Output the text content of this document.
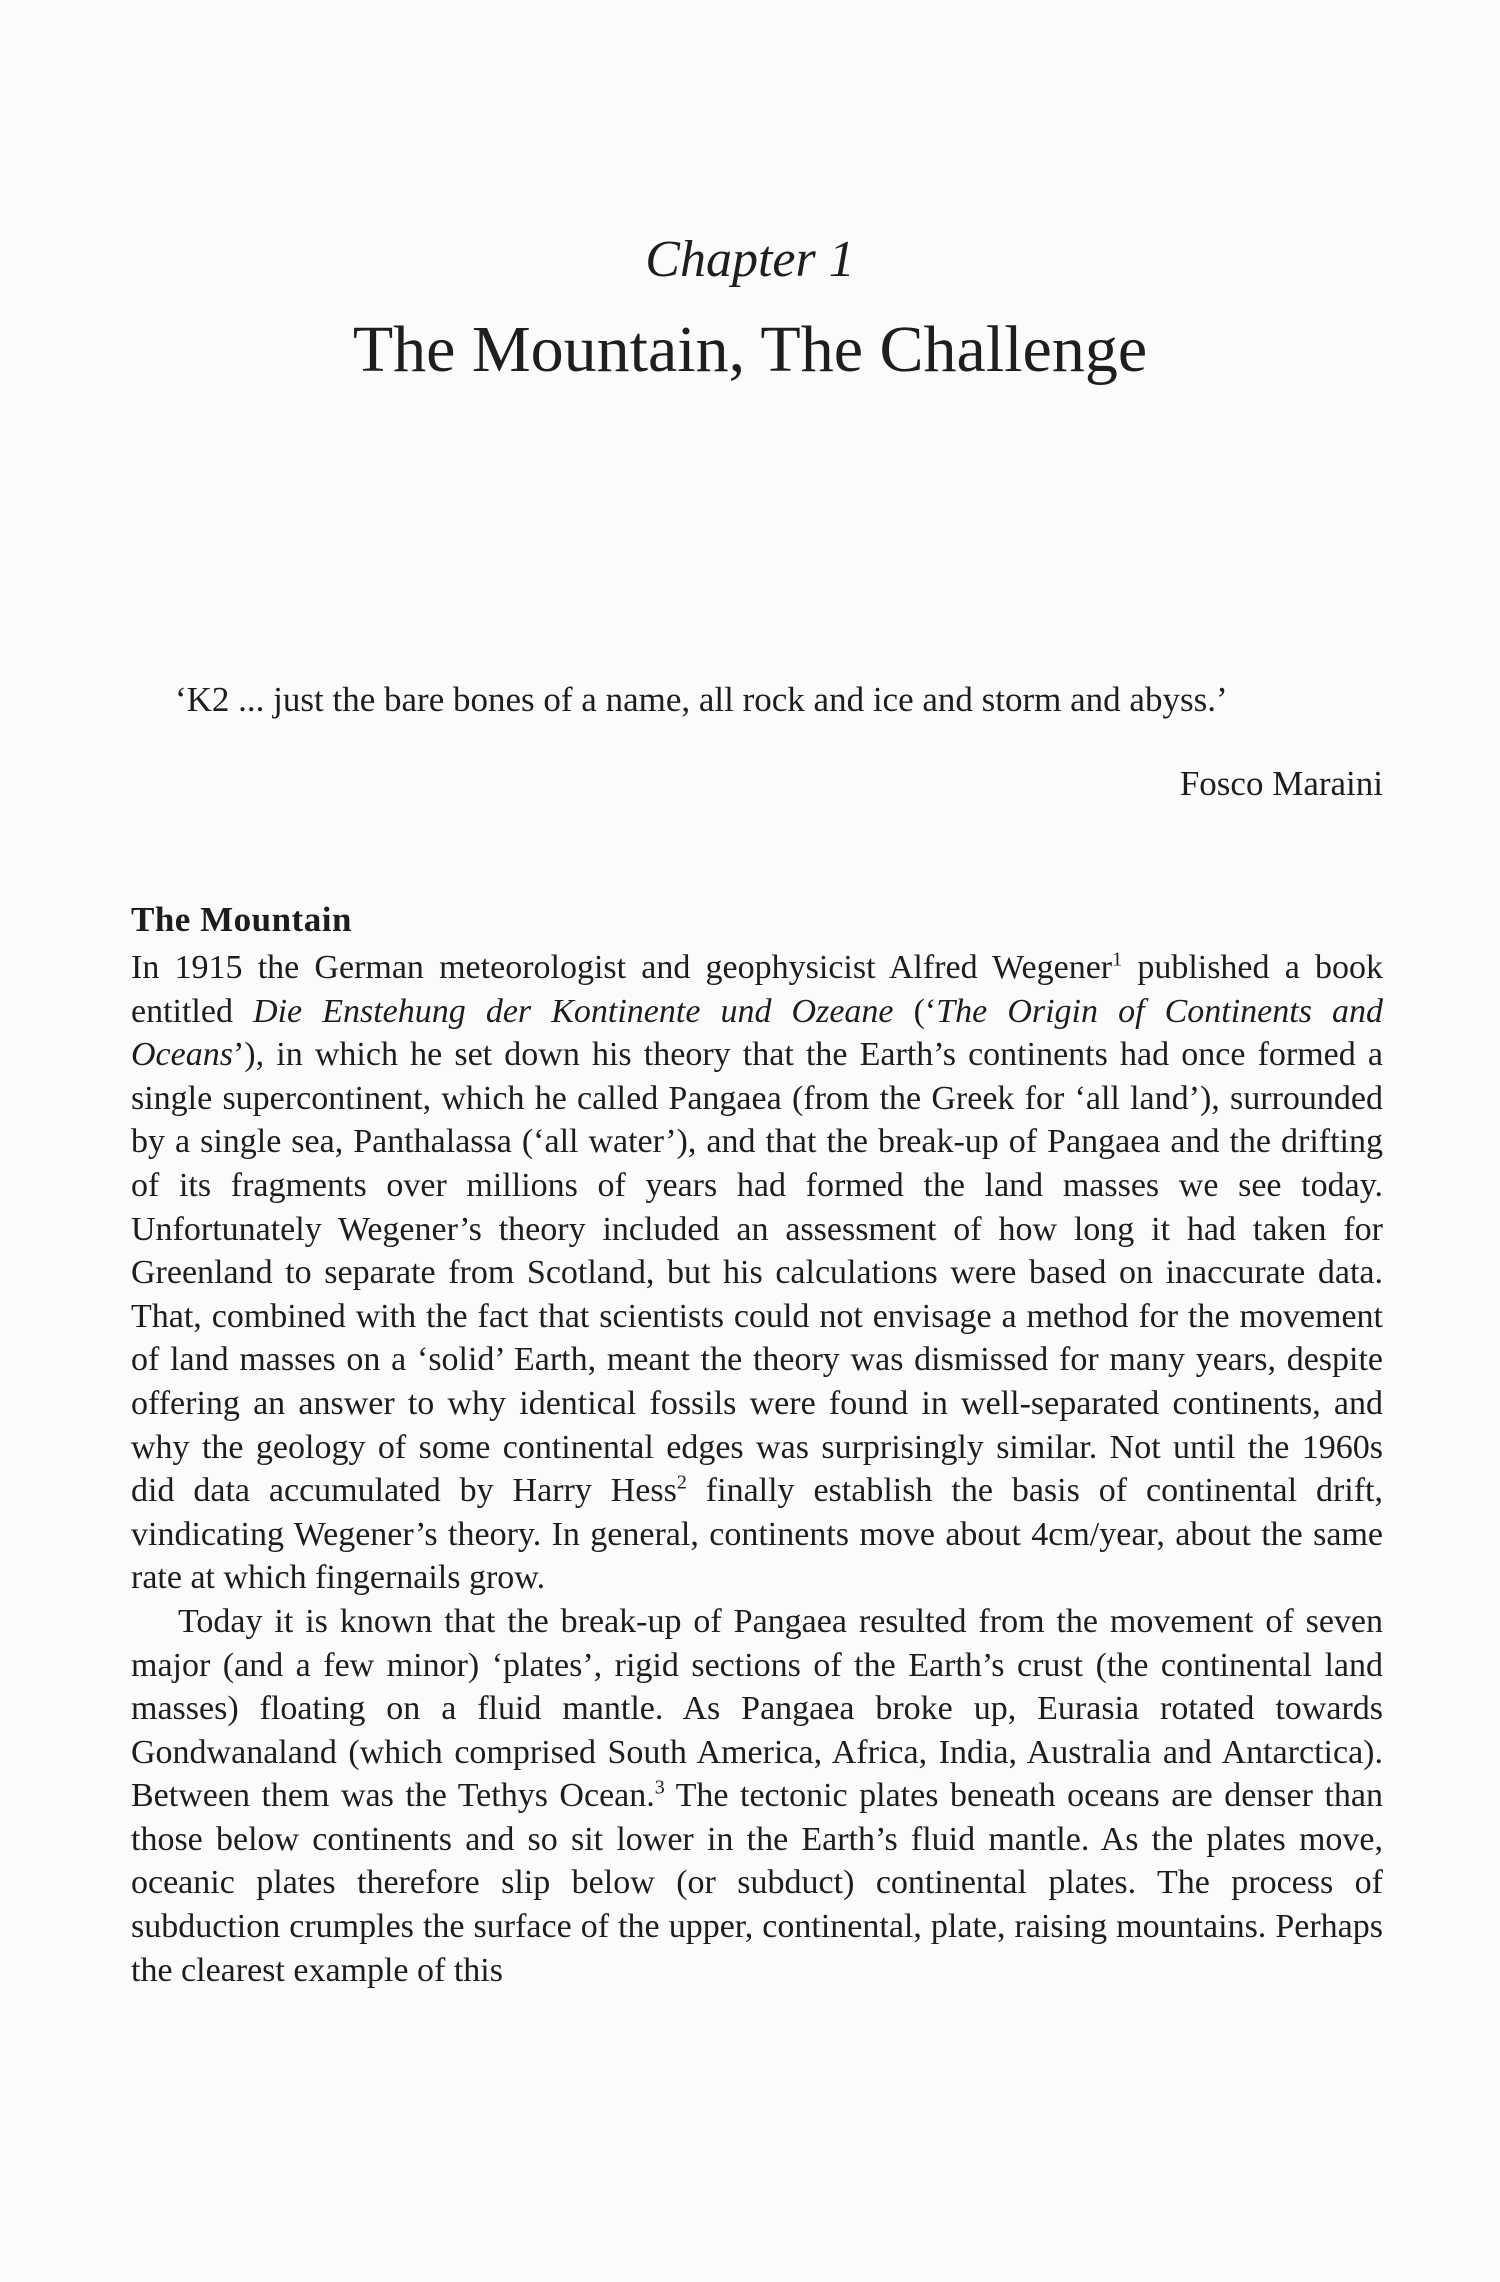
Chapter 1
The Mountain, The Challenge
‘K2 ... just the bare bones of a name, all rock and ice and storm and abyss.’
Fosco Maraini
The Mountain

In 1915 the German meteorologist and geophysicist Alfred Wegener$^1$ published a book entitled Die Enstehung der Kontinente und Ozeane (‘The Origin of Continents and Oceans’), in which he set down his theory that the Earth’s continents had once formed a single supercontinent, which he called Pangaea (from the Greek for ‘all land’), surrounded by a single sea, Panthalassa (‘all water’), and that the break-up of Pangaea and the drifting of its fragments over millions of years had formed the land masses we see today. Unfortunately Wegener’s theory included an assessment of how long it had taken for Greenland to separate from Scotland, but his calculations were based on inaccurate data. That, combined with the fact that scientists could not envisage a method for the movement of land masses on a ‘solid’ Earth, meant the theory was dismissed for many years, despite offering an answer to why identical fossils were found in well-separated continents, and why the geology of some continental edges was surprisingly similar. Not until the 1960s did data accumulated by Harry Hess$^2$ finally establish the basis of continental drift, vindicating Wegener’s theory. In general, continents move about 4cm/year, about the same rate at which fingernails grow.

Today it is known that the break-up of Pangaea resulted from the movement of seven major (and a few minor) ‘plates’, rigid sections of the Earth’s crust (the continental land masses) floating on a fluid mantle. As Pangaea broke up, Eurasia rotated towards Gondwanaland (which comprised South America, Africa, India, Australia and Antarctica). Between them was the Tethys Ocean.$^3$ The tectonic plates beneath oceans are denser than those below continents and so sit lower in the Earth’s fluid mantle. As the plates move, oceanic plates therefore slip below (or subduct) continental plates. The process of subduction crumples the surface of the upper, continental, plate, raising mountains. Perhaps the clearest example of this
